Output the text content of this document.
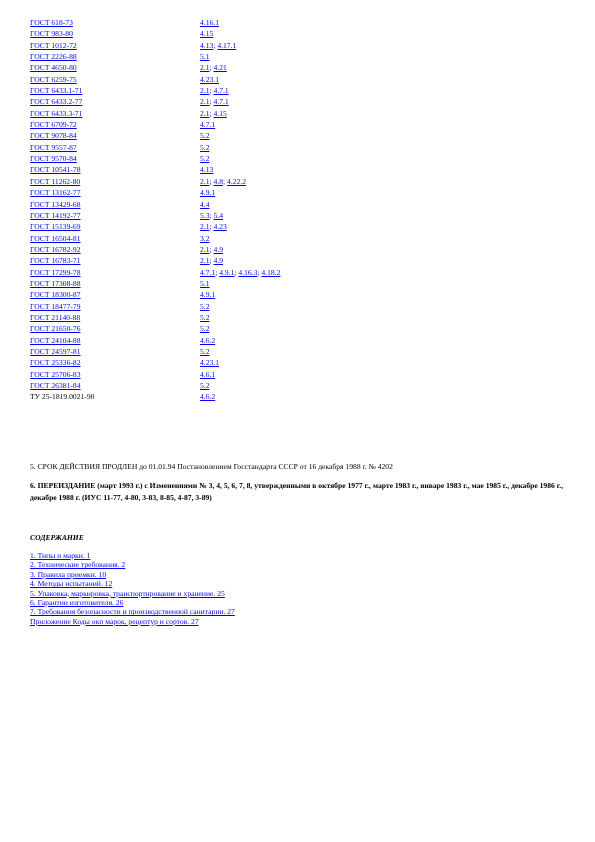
ГОСТ 618-73	4.16.1
ГОСТ 983-80	4.15
ГОСТ 1012-72	4.13; 4.17.1
ГОСТ 2226-88	5.1
ГОСТ 4650-80	2.1; 4.21
ГОСТ 6259-75	4.23.1
ГОСТ 6433.1-71	2.1; 4.7.1
ГОСТ 6433.2-77	2.1; 4.7.1
ГОСТ 6433.3-71	2.1; 4.15
ГОСТ 6709-72	4.7.1
ГОСТ 9078-84	5.2
ГОСТ 9557-87	5.2
ГОСТ 9570-84	5.2
ГОСТ 10541-78	4.13
ГОСТ 11262-80	2.1; 4.8; 4.22.2
ГОСТ 13162-77	4.9.1
ГОСТ 13429-68	4.4
ГОСТ 14192-77	5.3; 5.4
ГОСТ 15139-69	2.1; 4.23
ГОСТ 16504-81	3.2
ГОСТ 16782-92	2.1; 4.9
ГОСТ 16783-71	2.1; 4.9
ГОСТ 17299-78	4.7.1; 4.9.1; 4.16.3; 4.18.2
ГОСТ 17308-88	5.1
ГОСТ 18300-87	4.9.1
ГОСТ 18477-79	5.2
ГОСТ 21140-88	5.2
ГОСТ 21650-76	5.2
ГОСТ 24104-88	4.6.2
ГОСТ 24597-81	5.2
ГОСТ 25336-82	4.23.1
ГОСТ 25706-83	4.6.1
ГОСТ 26381-84	5.2
ТУ 25-1819.0021-90	4.6.2
5. СРОК ДЕЙСТВИЯ ПРОДЛЕН до 01.01.94 Постановлением Госстандарта СССР от 16 декабря 1988 г. № 4202
6. ПЕРЕИЗДАНИЕ (март 1993 г.) с Изменениями № 3, 4, 5, 6, 7, 8, утвержденными в октябре 1977 г., марте 1983 г., январе 1983 г., мае 1985 г., декабре 1986 г., декабре 1988 г. (ИУС 11-77, 4-80, 3-83, 8-85, 4-87, 3-89)
СОДЕРЖАНИЕ
1. Типы и марки. 1
2. Технические требования. 2
3. Правила приемки. 10
4. Методы испытаний. 12
5. Упаковка, маркировка, транспортирование и хранение. 25
6. Гарантии изготовителя. 26
7. Требования безопасности и производственной санитарии. 27
Приложение Коды окп марок, рецептур и сортов. 27
